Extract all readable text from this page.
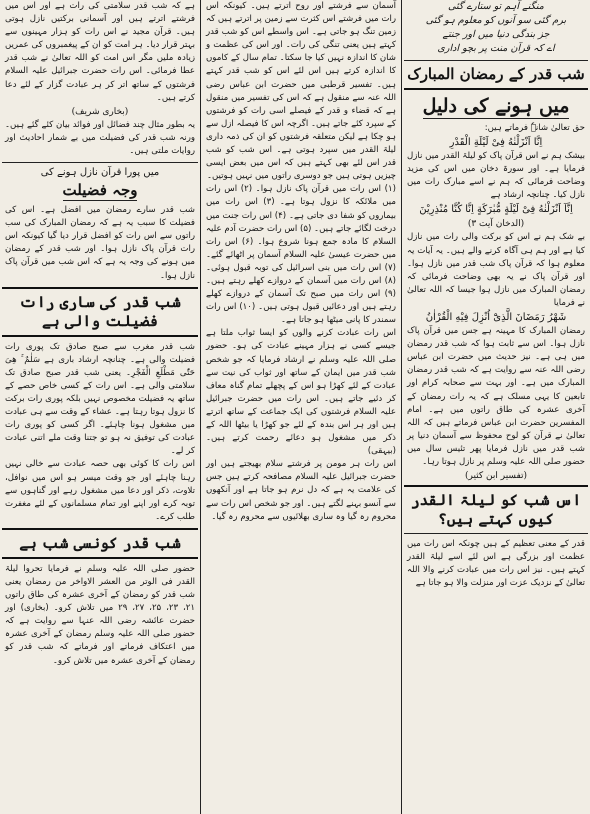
منگنے آہم تو ستارے گئی
برم گئی سو آنوں کو معلوم ہو گئی
جز بندگی دنیا میں اور جنتے
اے کہ قرآن منت پر بچو اداری
شب قدر کے رمضان المبارک
میں ہونے کی دلیل

حق تعالیٰ شانہٗ فرماتے ہیں:

اِنَّا اَنْزَلْنٰهُ فِىْ لَيْلَةِ الْقَدْرِ

بیشک ہم نے اس قرآن پاک کو لیلۃ القدر میں نازل فرمایا ہے۔ اور سورۃ دخان میں اس کی مزید وضاحت فرمائی کہ ہم نے اسے مبارک رات میں نازل کیا۔ چنانچہ ارشاد ہے

اِنَّآ اَنْزَلْنٰهُ فِىْ لَيْلَةٍ مُّبٰرَكَةٍ اِنَّا كُنَّا مُنْذِرِيْنَ
(الدخان آیت ۳)

بے شک ہم نے اس کو برکت والی رات میں نازل کیا ہے اور ہم ہی آگاہ کرنے والے ہیں۔ یہ آیات یہ معلوم ہوا کہ قرآن پاک شب قدر میں نازل ہوا۔ اور قرآن پاک نے یہ بھی وضاحت فرمائی کہ رمضان المبارک میں نازل ہوا جیسا کہ اللہ تعالیٰ نے فرمایا

شَهْرُ رَمَضَانَ الَّذِىْٓ اُنْزِلَ فِيْهِ الْقُرْاٰنُ

رمضان المبارک کا مہینہ ہے جس میں قرآن پاک نازل ہوا۔ اس سے ثابت ہوا کہ شب قدر رمضان میں ہی ہے۔ نیز حدیث میں حضرت ابن عباس رضی اللہ عنہ سے روایت ہے کہ شب قدر رمضان المبارک میں ہے۔ اور بہت سے صحابہ کرام اور تابعین کا یہی مسلک ہے کہ یہ رات رمضان کے آخری عشرہ کی طاق راتوں میں ہے۔ امام المفسرین حضرت ابن عباس فرماتے ہیں کہ اللہ تعالیٰ نے قرآن کو لوح محفوظ سے آسمان دنیا پر شب قدر میں نازل فرمایا پھر تئیس سال میں حضور صلی اللہ علیہ وسلم پر نازل ہوتا رہا۔

(تفسیر ابن کثیر)
اس شب کو لیلۃ القدر کیوں کہتے ہیں؟

قدر کے معنی تعظیم کے ہیں چونکہ اس رات میں عظمت اور بزرگی ہے اس لئے اسے لیلۃ القدر کہتے ہیں۔ نیز اس رات میں عبادت کرنے والا اللہ تعالیٰ کے نزدیک عزت اور منزلت والا ہو جاتا ہے

آسمان سے فرشتے اور روح اترتے ہیں۔ کیونکہ اس رات میں فرشتے اس کثرت سے زمین پر اترتے ہیں کہ زمین تنگ ہو جاتی ہے۔ اس واسطے اس کو شب قدر کہتے ہیں یعنی تنگی کی رات۔ اور اس کی عظمت و شان کا اندازہ نہیں کیا جا سکتا۔ تمام سال کے کاموں کا اندازہ کرتے ہیں اس لئے اس کو شب قدر کہتے ہیں۔ تفسیر قرطبی میں حضرت ابن عباس رضی اللہ عنہ سے منقول ہے کہ اس کی تفسیر میں منقول ہے کہ قضاء و قدر کے فیصلے اسی رات کو فرشتوں کے سپرد کئے جاتے ہیں۔ اگرچہ اس کا فیصلہ ازل سے ہو چکا ہے لیکن متعلقہ فرشتوں کو ان کی ذمہ داری لیلۃ القدر میں سپرد ہوتی ہے۔ اس شب کو شب قدر اس لئے بھی کہتے ہیں کہ اس میں بعض ایسی چیزیں ہوتی ہیں جو دوسری راتوں میں نہیں ہوتیں۔

(۱) اس رات میں قرآن پاک نازل ہوا۔ (۲) اس رات میں ملائکہ کا نزول ہوتا ہے۔ (۳) اس رات میں بیماروں کو شفا دی جاتی ہے۔ (۴) اس رات جنت میں درخت لگائے جاتے ہیں۔ (۵) اس رات حضرت آدم علیہ السلام کا مادہ جمع ہونا شروع ہوا۔ (۶) اس رات میں حضرت عیسیٰ علیہ السلام آسمان پر اٹھائے گئے۔ (۷) اس رات میں بنی اسرائیل کی توبہ قبول ہوئی۔ (۸) اس رات میں آسمان کے دروازے کھلے رہتے ہیں۔ (۹) اس رات میں صبح تک آسمان کے دروازے کھلے رہتے ہیں اور دعائیں قبول ہوتی ہیں۔ (۱۰) اس رات سمندر کا پانی میٹھا ہو جاتا ہے۔

اس رات عبادت کرنے والوں کو ایسا ثواب ملتا ہے جیسے کسی نے ہزار مہینے عبادت کی ہو۔ حضور صلی اللہ علیہ وسلم نے ارشاد فرمایا کہ جو شخص شب قدر میں ایمان کے ساتھ اور ثواب کی نیت سے عبادت کے لئے کھڑا ہو اس کے پچھلے تمام گناہ معاف کر دئیے جاتے ہیں۔ اس رات میں حضرت جبرائیل علیہ السلام فرشتوں کی ایک جماعت کے ساتھ اترتے ہیں اور ہر اس بندہ کے لئے جو کھڑا یا بیٹھا اللہ کے ذکر میں مشغول ہو دعائے رحمت کرتے ہیں۔ (بیہقی)

اس رات ہر مومن پر فرشتے سلام بھیجتے ہیں اور حضرت جبرائیل علیہ السلام مصافحہ کرتے ہیں جس کی علامت یہ ہے کہ دل نرم ہو جاتا ہے اور آنکھوں سے آنسو بہنے لگتے ہیں۔ اور جو شخص اس رات سے محروم رہ گیا وہ ساری بھلائیوں سے محروم رہ گیا۔

ہے کہ شب قدر سلامتی کی رات ہے اور اس میں فرشتے اترتے ہیں اور آسمانی برکتیں نازل ہوتی ہیں۔ قرآن مجید نے اس رات کو ہزار مہینوں سے بہتر قرار دیا۔ ہر امت کو ان کے پیغمبروں کی عمریں زیادہ ملیں مگر اس امت کو اللہ تعالیٰ نے شب قدر عطا فرمائی۔ اس رات حضرت جبرائیل علیہ السلام فرشتوں کے ساتھ اتر کر ہر عبادت گزار کے لئے دعا کرتے ہیں۔

(بخاری شریف)

یہ بطور مثال چند فضائل اور فوائد بیان کئے گئے ہیں۔ ورنہ شب قدر کی فضیلت میں بے شمار احادیث اور روایات ملتی ہیں۔

میں پورا قرآن نازل ہونے کی
وجہ فضیلت

شب قدر سارے رمضان میں افضل ہے۔ اس کی فضیلت کا سبب یہ ہے کہ رمضان المبارک کی سب راتوں سے اس رات کو افضل قرار دیا گیا کیونکہ اس رات قرآن پاک نازل ہوا۔ اور شب قدر کے رمضان میں ہونے کی وجہ یہ ہے کہ اس شب میں قرآن پاک نازل ہوا۔

شب قدر کی ساری رات فضیلت والی ہے

شب قدر مغرب سے صبح صادق تک پوری رات فضیلت والی ہے۔ چنانچہ ارشاد باری ہے سَلٰمٌ ۚ هِىَ حَتّٰى مَطْلَعِ الْفَجْرِ۔ یعنی شب قدر صبح صادق تک سلامتی والی ہے۔ اس رات کے کسی خاص حصے کے ساتھ یہ فضیلت مخصوص نہیں بلکہ پوری رات برکت کا نزول ہوتا رہتا ہے۔ عشاء کے وقت سے ہی عبادت میں مشغول ہونا چاہئے۔ اگر کسی کو پوری رات عبادت کی توفیق نہ ہو تو جتنا وقت ملے اتنی عبادت کر لے۔

اس رات کا کوئی بھی حصہ عبادت سے خالی نہیں رہنا چاہئے اور جو وقت میسر ہو اس میں نوافل، تلاوت، ذکر اور دعا میں مشغول رہے اور گناہوں سے توبہ کرے اور اپنے اور تمام مسلمانوں کے لئے مغفرت طلب کرے۔

شب قدر کونسی شب ہے

حضور صلی اللہ علیہ وسلم نے فرمایا تحروا لیلۃ القدر فی الوتر من العشر الاواخر من رمضان یعنی شب قدر کو رمضان کے آخری عشرہ کی طاق راتوں ۲۱، ۲۳، ۲۵، ۲۷، ۲۹ میں تلاش کرو۔ (بخاری) اور حضرت عائشہ رضی اللہ عنہا سے روایت ہے کہ حضور صلی اللہ علیہ وسلم رمضان کے آخری عشرہ میں اعتکاف فرماتے اور فرماتے کہ شب قدر کو رمضان کے آخری عشرہ میں تلاش کرو۔
